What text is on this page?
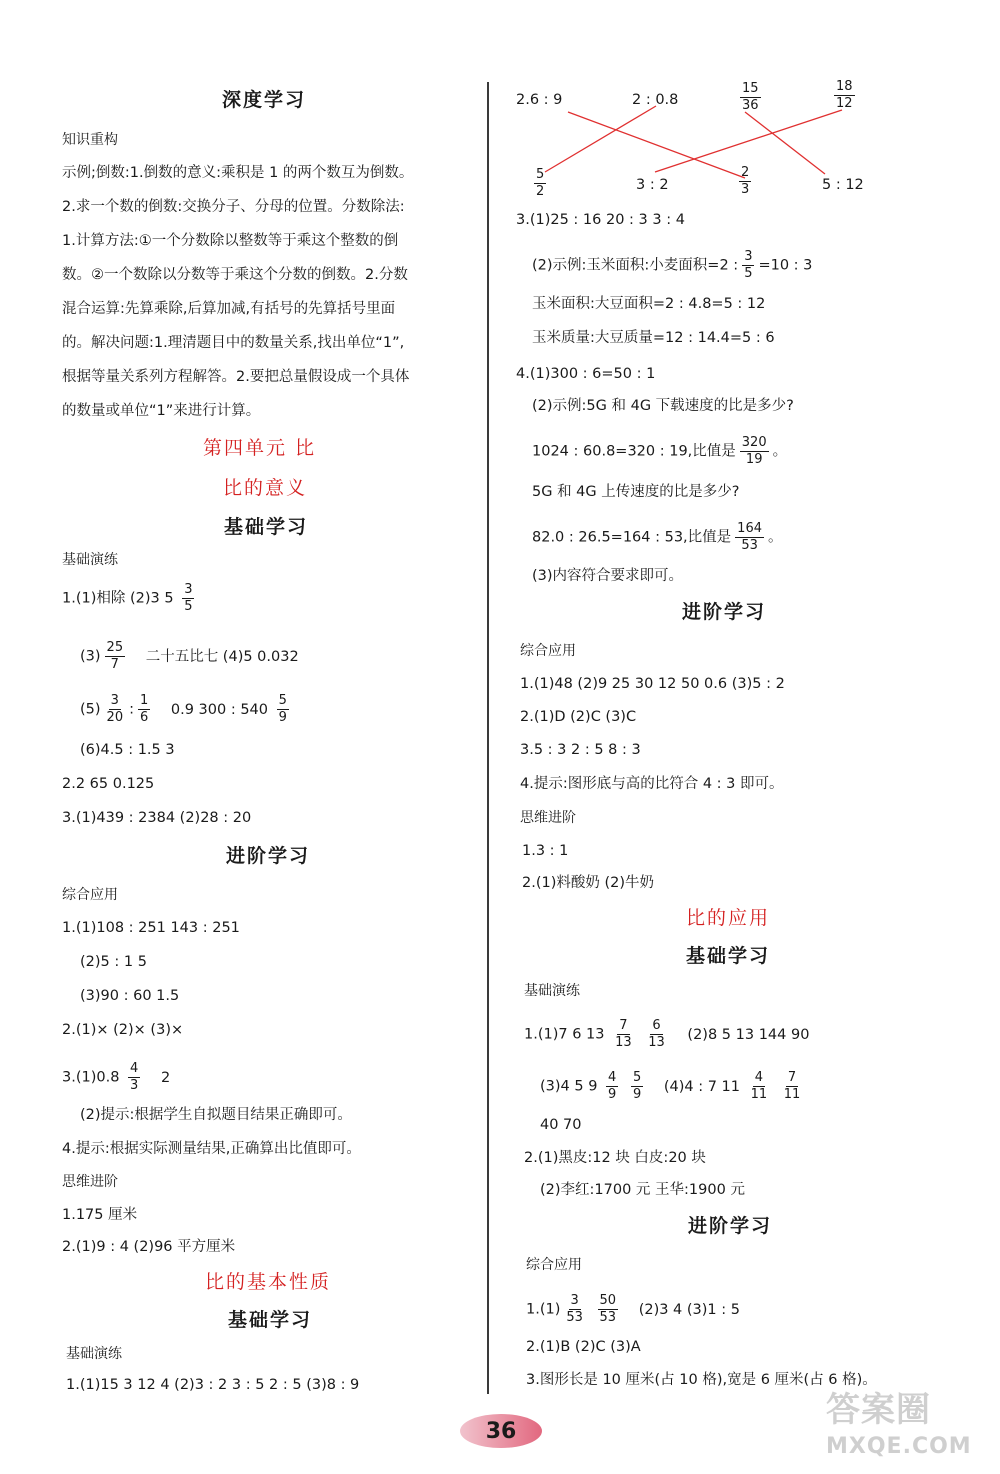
深度学习
知识重构
示例;倒数:1.倒数的意义:乘积是 1 的两个数互为倒数。
2.求一个数的倒数:交换分子、分母的位置。分数除法:
1.计算方法:①一个分数除以整数等于乘这个整数的倒
数。②一个数除以分数等于乘这个分数的倒数。2.分数
混合运算:先算乘除,后算加减,有括号的先算括号里面
的。解决问题:1.理清题目中的数量关系,找出单位“1”,
根据等量关系列方程解答。2.要把总量假设成一个具体
的数量或单位“1”来进行计算。
第四单元 比
比的意义
基础学习
基础演练
1.(1)相除 (2)3 $5 \frac{3}{5}$
$(3) \frac{25}{7}$ 二十五比七 (4)5 0.032
$(5) \frac{3}{20}$ : $\frac{1}{6} 0.9$ 300 : $540 \frac{5}{9}$
(6)4.5 : 1.5 3
2.2 65 0.125
3.(1)439 : 2384 (2)28 : 20
进阶学习
综合应用
1.(1)108 : 251 143 : 251
(2)5 : 1 5
(3)90 : 60 1.5
2.(1)× (2)× (3)×
$3.(1)0.8 \frac{4}{3} 2$
(2)提示:根据学生自拟题目结果正确即可。
4.提示:根据实际测量结果,正确算出比值即可。
思维进阶
1.175 厘米
2.(1)9 : 4 (2)96 平方厘米
比的基本性质
基础学习
基础演练
1.(1)15 3 12 4 (2)3 : 2 3 : 5 2 : 5 (3)8 : 9
2.6 : 9	2 : 0.8	$\frac{15}{36}$	$\frac{18}{12}$
$\frac{5}{2}$	3 : 2	$\frac{2}{3}$	5 : 12
3.(1)25 : 16 20 : 3 3 : 4
(2)示例:玉米面积:小麦面积=2 : $\frac{3}{5} =10$ : 3
玉米面积:大豆面积=2 : 4.8=5 : 12
玉米质量:大豆质量=12 : 14.4=5 : 6
4.(1)300 : 6=50 : 1
(2)示例:5G 和 4G 下载速度的比是多少?
1024 : 60.8=320 : 19,比值是 $\frac{320}{19}$ 。
5G 和 4G 上传速度的比是多少?
82.0 : 26.5=164 : 53,比值是 $\frac{164}{53}$ 。
(3)内容符合要求即可。
进阶学习
综合应用
1.(1)48 (2)9 25 30 12 50 0.6 (3)5 : 2
2.(1)D (2)C (3)C
3.5 : 3 2 : 5 8 : 3
4.提示:图形底与高的比符合 4 : 3 即可。
思维进阶
1.3 : 1
2.(1)料酸奶 (2)牛奶
比的应用
基础学习
基础演练
1.(1)7 6 $13 \frac{7}{13}$
$\frac{6}{13} (2)8$ 5 13 144 90
(3)4 5 $9 \frac{4}{9}$
$\frac{5}{9} (4)4$ : 7 $11 \frac{4}{11}$
$\frac{7}{11}$
40 70
2.(1)黑皮:12 块 白皮:20 块
(2)李红:1700 元 王华:1900 元
进阶学习
综合应用
$1.(1) \frac{3}{53}$
$\frac{50}{53} (2)3$ 4 (3)1 : 5
2.(1)B (2)C (3)A
3.图形长是 10 厘米(占 10 格),宽是 6 厘米(占 6 格)。
36
答案圈
MXQE.COM
